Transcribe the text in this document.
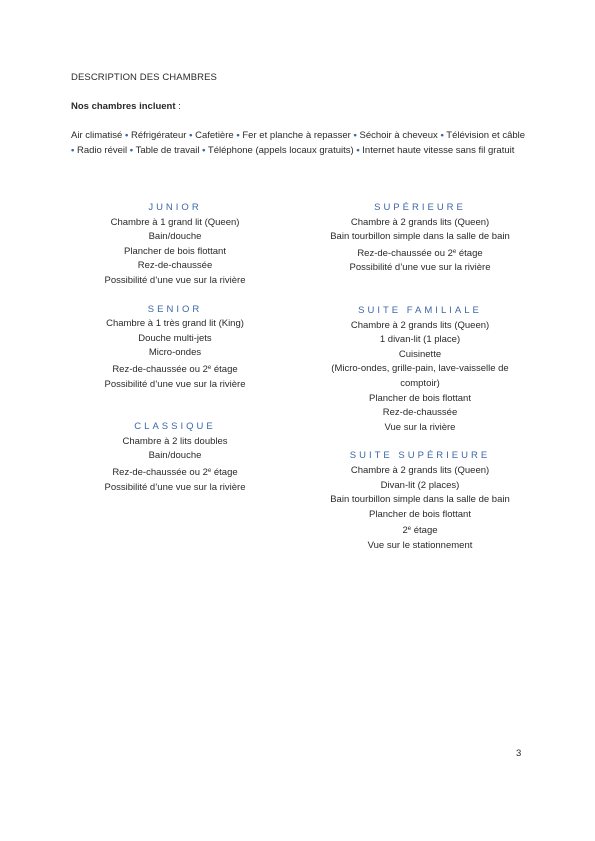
DESCRIPTION DES CHAMBRES
Nos chambres incluent :
Air climatisé • Réfrigérateur • Cafetière • Fer et planche à repasser • Séchoir à cheveux • Télévision et câble • Radio réveil • Table de travail • Téléphone (appels locaux gratuits) • Internet haute vitesse sans fil gratuit
JUNIOR
Chambre à 1 grand lit (Queen)
Bain/douche
Plancher de bois flottant
Rez-de-chaussée
Possibilité d’une vue sur la rivière
SENIOR
Chambre à 1 très grand lit (King)
Douche multi-jets
Micro-ondes
Rez-de-chaussée ou 2e étage
Possibilité d’une vue sur la rivière
CLASSIQUE
Chambre à 2 lits doubles
Bain/douche
Rez-de-chaussée ou 2e étage
Possibilité d’une vue sur la rivière
SUPÉRIEURE
Chambre à 2 grands lits (Queen)
Bain tourbillon simple dans la salle de bain
Rez-de-chaussée ou 2e étage
Possibilité d’une vue sur la rivière
SUITE FAMILIALE
Chambre à 2 grands lits (Queen)
1 divan-lit (1 place)
Cuisinette
(Micro-ondes, grille-pain, lave-vaisselle de comptoir)
Plancher de bois flottant
Rez-de-chaussée
Vue sur la rivière
SUITE SUPÉRIEURE
Chambre à 2 grands lits (Queen)
Divan-lit (2 places)
Bain tourbillon simple dans la salle de bain
Plancher de bois flottant
2e étage
Vue sur le stationnement
3
